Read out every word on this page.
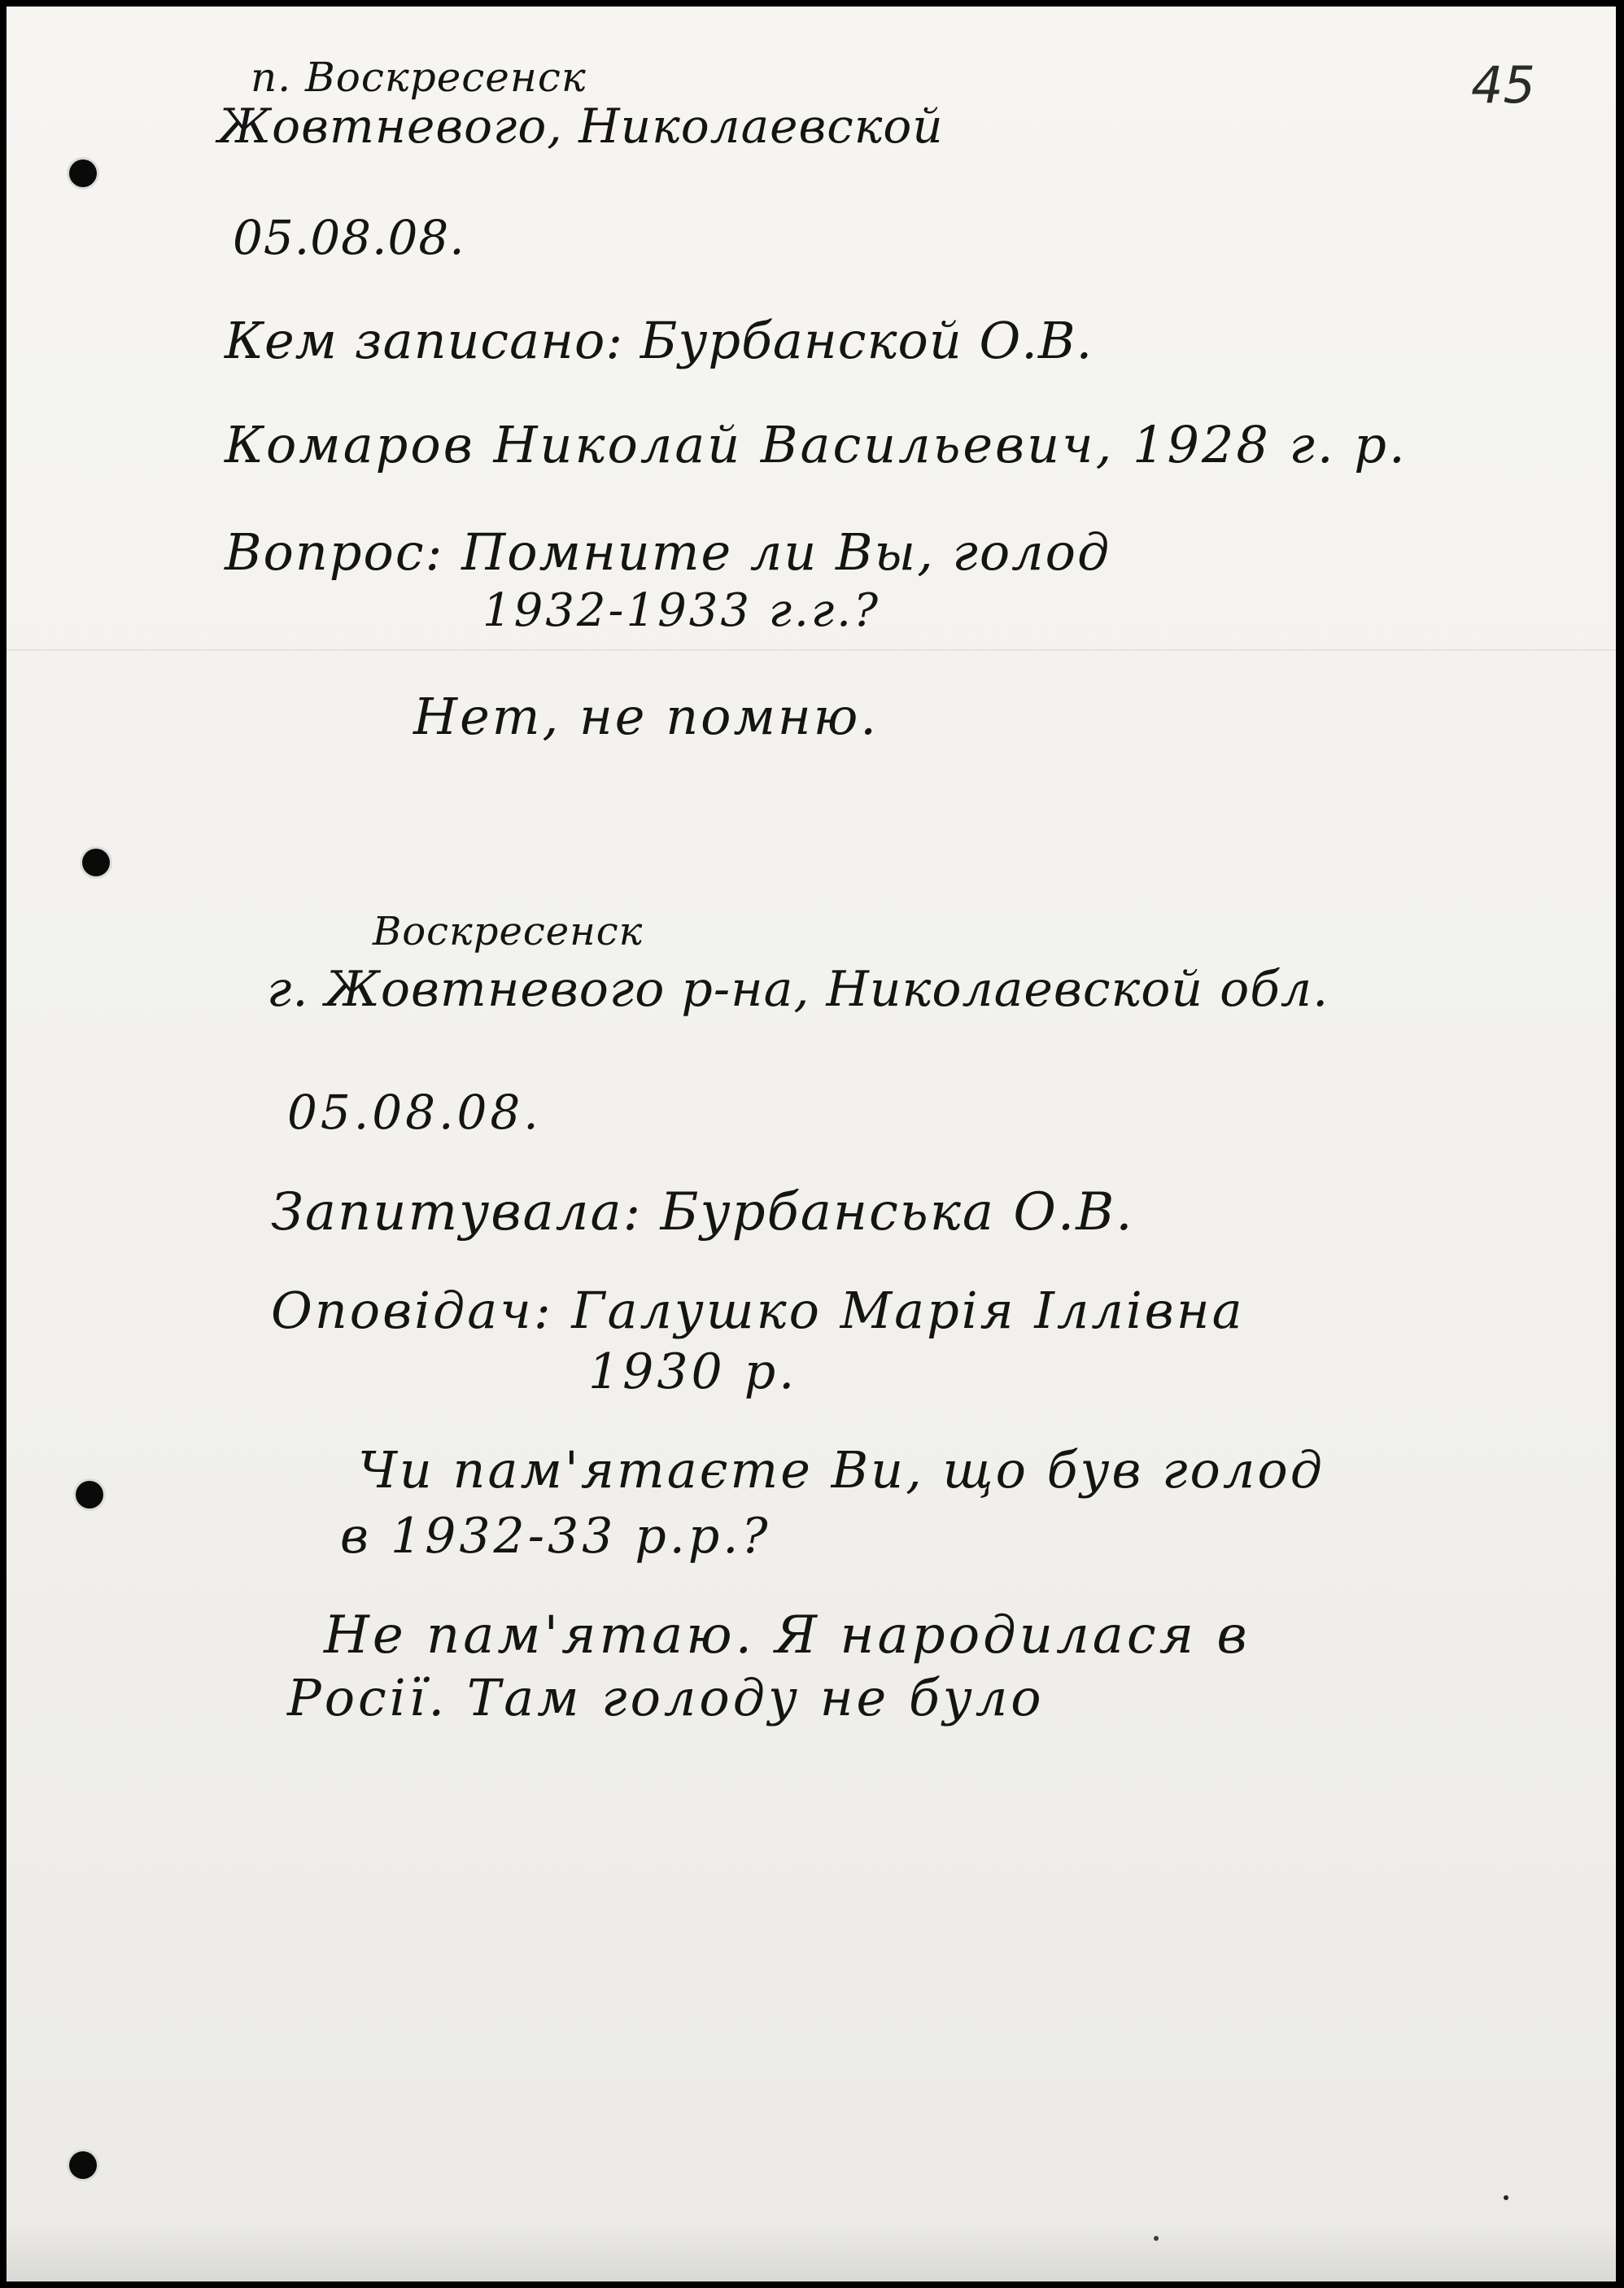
45
п. Воскресенск
Жовтневого, Николаевской
05.08.08.
Кем записано: Бурбанской О.В.
Комаров Николай Васильевич, 1928 г. р.
Вопрос: Помните ли Вы, голод
1932-1933 г.г.?
Нет, не помню.
Воскресенск
г. Жовтневого р-на, Николаевской обл.
05.08.08.
Запитувала: Бурбанська О.В.
Оповідач: Галушко Марія Іллівна
1930 р.
Чи пам'ятаєте Ви, що був голод
в 1932-33 р.р.?
Не пам'ятаю. Я народилася в
Росії. Там голоду не було
